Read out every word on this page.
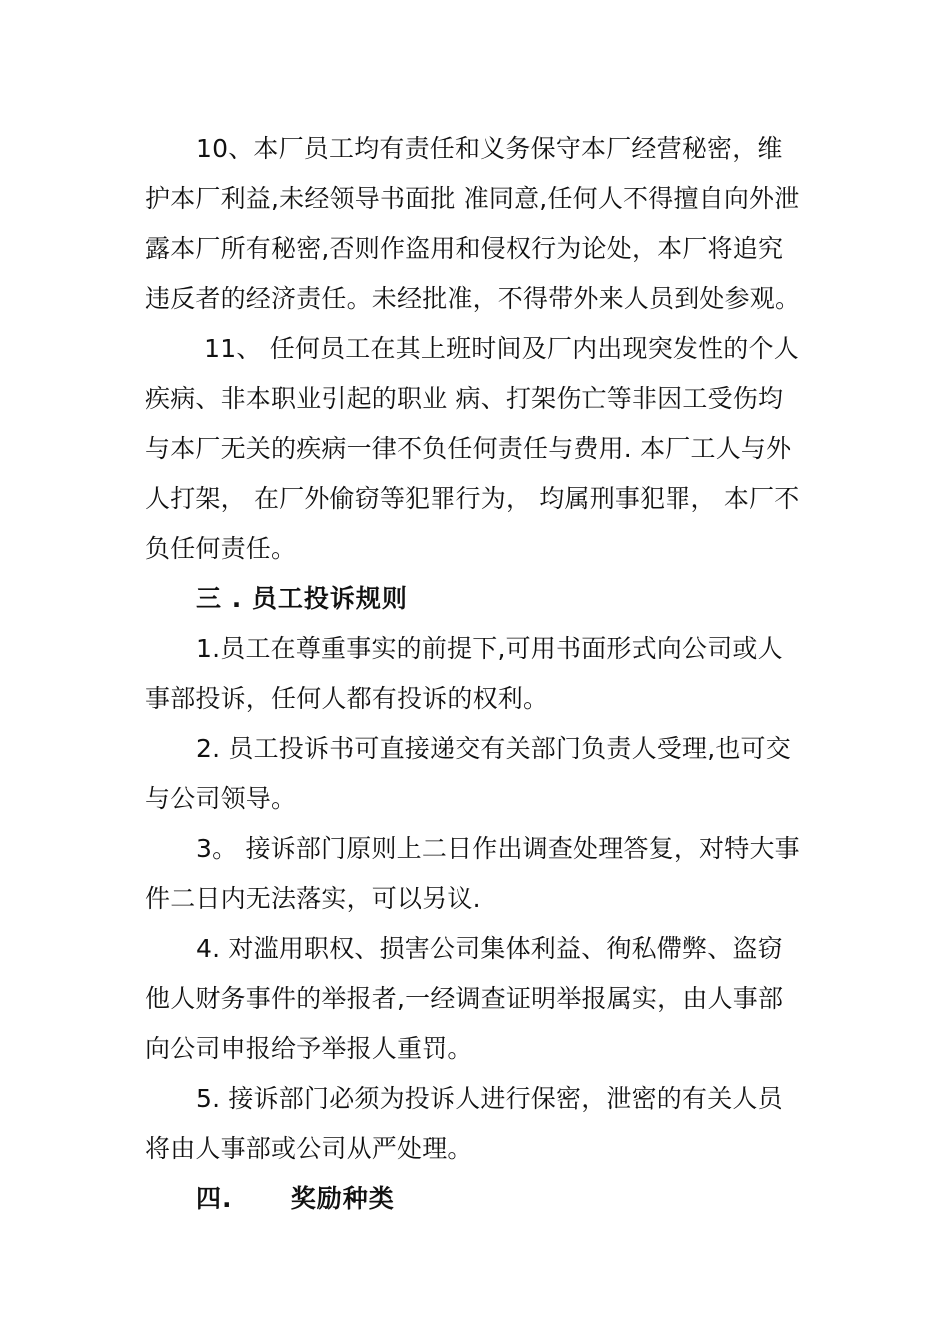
10、本厂员工均有责任和义务保守本厂经营秘密，维
护本厂利益,未经领导书面批 准同意,任何人不得擅自向外泄
露本厂所有秘密,否则作盗用和侵权行为论处，本厂将追究
违反者的经济责任。未经批准，不得带外来人员到处参观。
11、 任何员工在其上班时间及厂内出现突发性的个人
疾病、非本职业引起的职业 病、打架伤亡等非因工受伤均
与本厂无关的疾病一律不负任何责任与费用. 本厂工人与外
人打架， 在厂外偷窃等犯罪行为， 均属刑事犯罪， 本厂不
负任何责任。
三 . 员工投诉规则
1.员工在尊重事实的前提下,可用书面形式向公司或人
事部投诉，任何人都有投诉的权利。
2. 员工投诉书可直接递交有关部门负责人受理,也可交
与公司领导。
3。 接诉部门原则上二日作出调查处理答复，对特大事
件二日内无法落实，可以另议.
4. 对滥用职权、损害公司集体利益、徇私僀弊、盗窃
他人财务事件的举报者,一经调查证明举报属实，由人事部
向公司申报给予举报人重罚。
5. 接诉部门必须为投诉人进行保密，泄密的有关人员
将由人事部或公司从严处理。
四.      奖励种类
